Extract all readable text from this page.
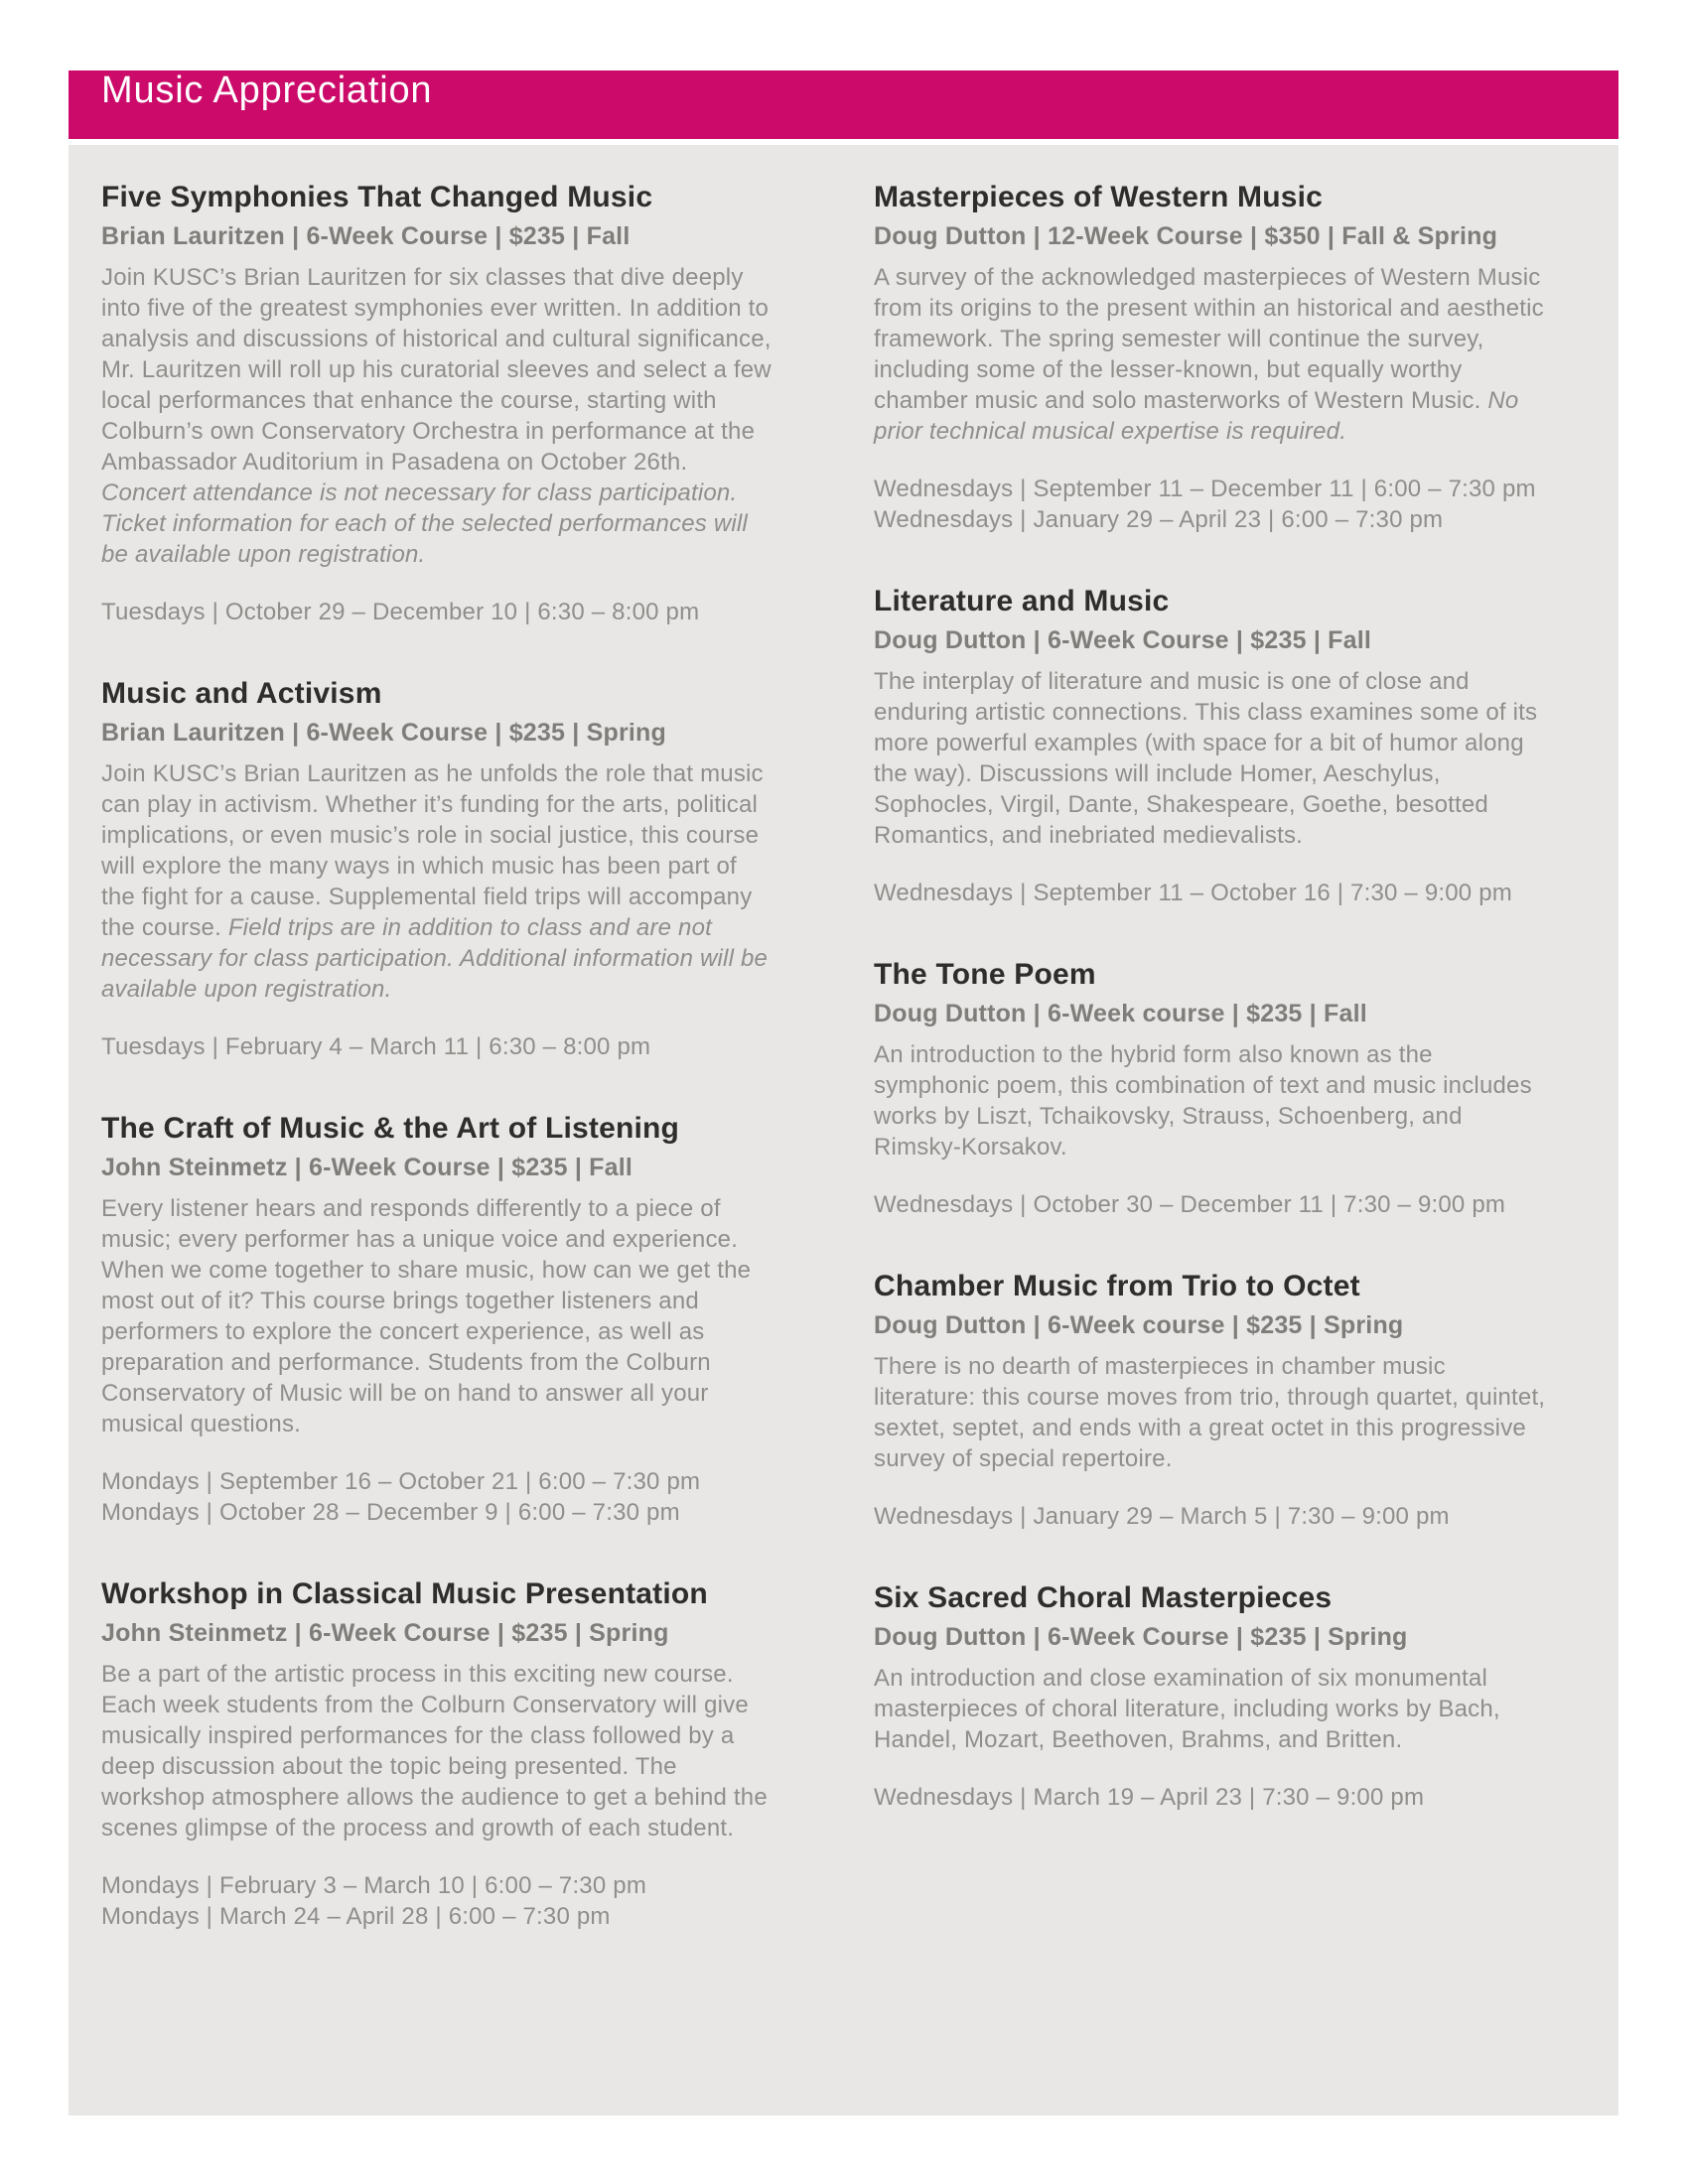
Music Appreciation
Five Symphonies That Changed Music
Brian Lauritzen | 6-Week Course | $235 | Fall

Join KUSC’s Brian Lauritzen for six classes that dive deeply into five of the greatest symphonies ever written. In addition to analysis and discussions of historical and cultural significance, Mr. Lauritzen will roll up his curatorial sleeves and select a few local performances that enhance the course, starting with Colburn’s own Conservatory Orchestra in performance at the Ambassador Auditorium in Pasadena on October 26th. Concert attendance is not necessary for class participation. Ticket information for each of the selected performances will be available upon registration.

Tuesdays | October 29 – December 10 | 6:30 – 8:00 pm
Music and Activism
Brian Lauritzen | 6-Week Course | $235 | Spring

Join KUSC’s Brian Lauritzen as he unfolds the role that music can play in activism. Whether it’s funding for the arts, political implications, or even music’s role in social justice, this course will explore the many ways in which music has been part of the fight for a cause. Supplemental field trips will accompany the course. Field trips are in addition to class and are not necessary for class participation. Additional information will be available upon registration.

Tuesdays | February 4 – March 11 | 6:30 – 8:00 pm
The Craft of Music & the Art of Listening
John Steinmetz | 6-Week Course | $235 | Fall

Every listener hears and responds differently to a piece of music; every performer has a unique voice and experience. When we come together to share music, how can we get the most out of it? This course brings together listeners and performers to explore the concert experience, as well as preparation and performance. Students from the Colburn Conservatory of Music will be on hand to answer all your musical questions.

Mondays | September 16 – October 21 | 6:00 – 7:30 pm
Mondays | October 28 – December 9 | 6:00 – 7:30 pm
Workshop in Classical Music Presentation
John Steinmetz | 6-Week Course | $235 | Spring

Be a part of the artistic process in this exciting new course. Each week students from the Colburn Conservatory will give musically inspired performances for the class followed by a deep discussion about the topic being presented. The workshop atmosphere allows the audience to get a behind the scenes glimpse of the process and growth of each student.

Mondays | February 3 – March 10 | 6:00 – 7:30 pm
Mondays | March 24 – April 28 | 6:00 – 7:30 pm
Masterpieces of Western Music
Doug Dutton | 12-Week Course | $350 | Fall & Spring

A survey of the acknowledged masterpieces of Western Music from its origins to the present within an historical and aesthetic framework. The spring semester will continue the survey, including some of the lesser-known, but equally worthy chamber music and solo masterworks of Western Music. No prior technical musical expertise is required.

Wednesdays | September 11 – December 11 | 6:00 – 7:30 pm
Wednesdays | January 29 – April 23 | 6:00 – 7:30 pm
Literature and Music
Doug Dutton | 6-Week Course | $235 | Fall

The interplay of literature and music is one of close and enduring artistic connections. This class examines some of its more powerful examples (with space for a bit of humor along the way). Discussions will include Homer, Aeschylus, Sophocles, Virgil, Dante, Shakespeare, Goethe, besotted Romantics, and inebriated medievalists.

Wednesdays | September 11 – October 16 | 7:30 – 9:00 pm
The Tone Poem
Doug Dutton | 6-Week course | $235 | Fall

An introduction to the hybrid form also known as the symphonic poem, this combination of text and music includes works by Liszt, Tchaikovsky, Strauss, Schoenberg, and Rimsky-Korsakov.

Wednesdays | October 30 – December 11 | 7:30 – 9:00 pm
Chamber Music from Trio to Octet
Doug Dutton | 6-Week course | $235 | Spring

There is no dearth of masterpieces in chamber music literature: this course moves from trio, through quartet, quintet, sextet, septet, and ends with a great octet in this progressive survey of special repertoire.

Wednesdays | January 29 – March 5 | 7:30 – 9:00 pm
Six Sacred Choral Masterpieces
Doug Dutton | 6-Week Course | $235 | Spring

An introduction and close examination of six monumental masterpieces of choral literature, including works by Bach, Handel, Mozart, Beethoven, Brahms, and Britten.

Wednesdays | March 19 – April 23 | 7:30 – 9:00 pm
